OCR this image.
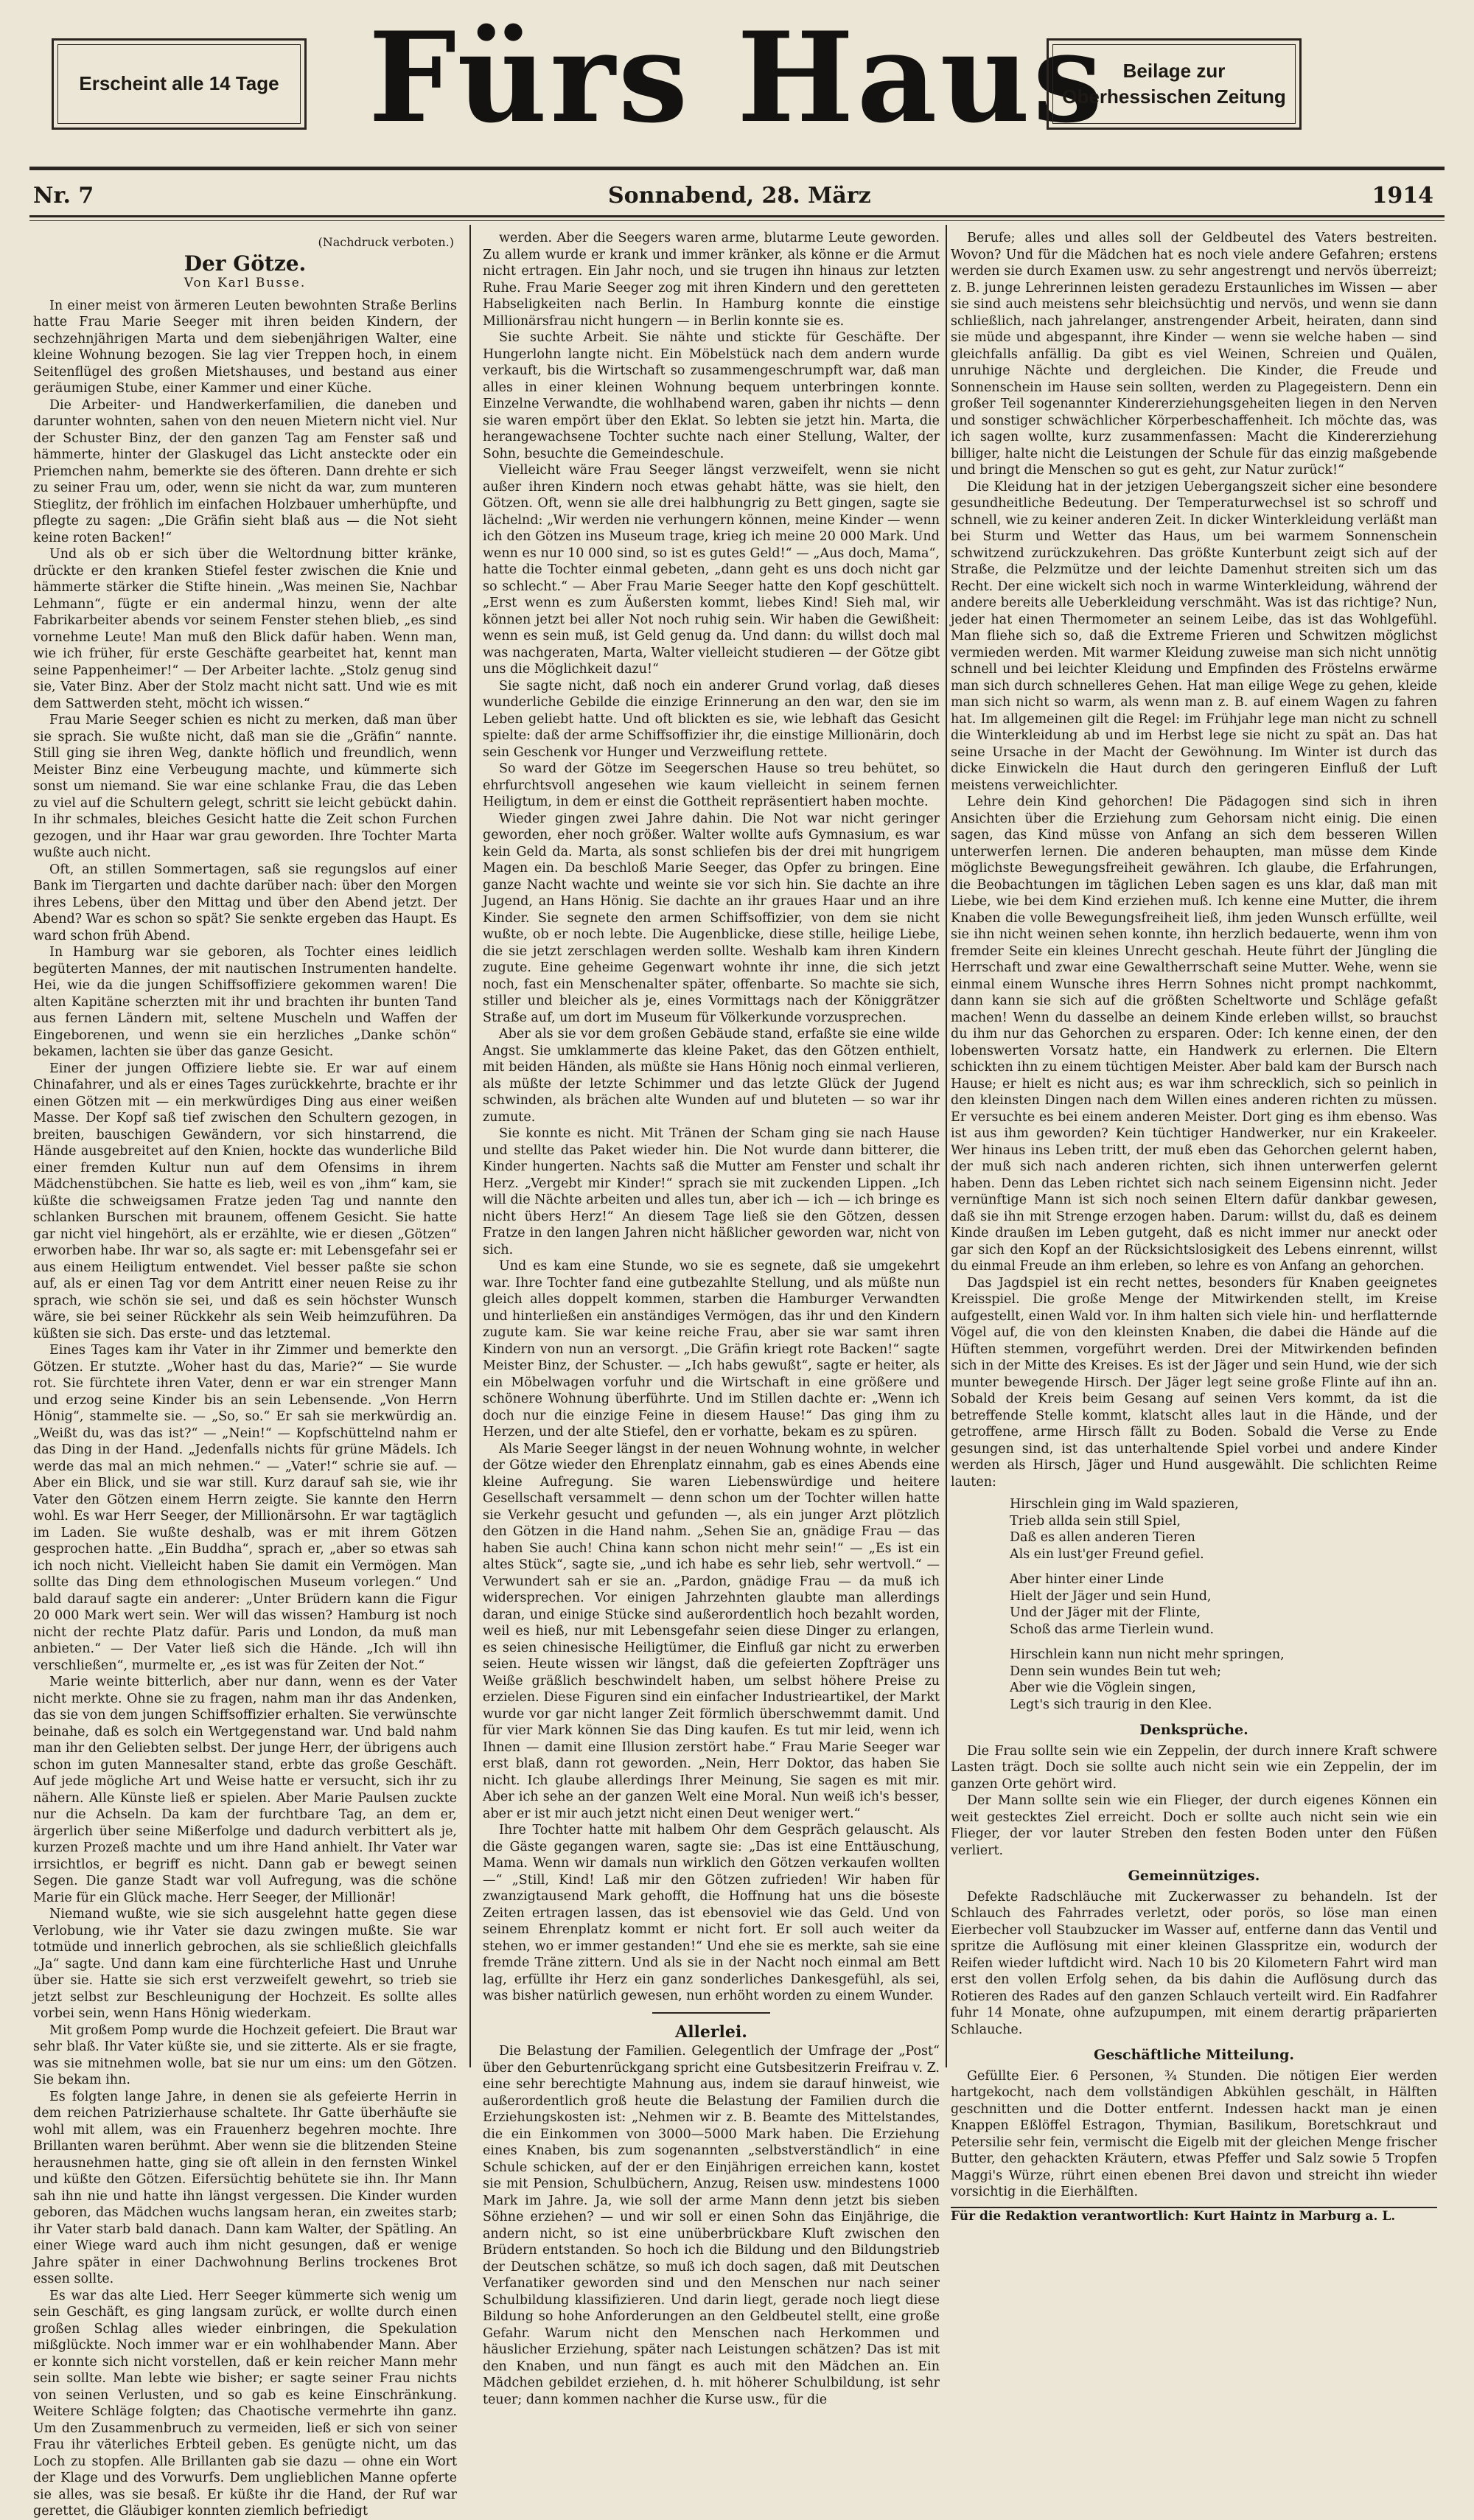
Erscheint alle 14 Tage Fürs Haus Beilage zur
Oberhessischen Zeitung
Nr. 7	Sonnabend, 28. März	1914
(Nachdruck verboten.)
Der Götze.
Von Karl Busse.

In einer meist von ärmeren Leuten bewohnten Straße Berlins hatte Frau Marie Seeger mit ihren beiden Kindern, der sechzehnjährigen Marta und dem siebenjährigen Walter, eine kleine Wohnung bezogen. Sie lag vier Treppen hoch, in einem Seitenflügel des großen Mietshauses, und bestand aus einer geräumigen Stube, einer Kammer und einer Küche.

Die Arbeiter- und Handwerkerfamilien, die daneben und darunter wohnten, sahen von den neuen Mietern nicht viel. Nur der Schuster Binz, der den ganzen Tag am Fenster saß und hämmerte, hinter der Glaskugel das Licht ansteckte oder ein Priemchen nahm, bemerkte sie des öfteren. Dann drehte er sich zu seiner Frau um, oder, wenn sie nicht da war, zum munteren Stieglitz, der fröhlich im einfachen Holzbauer umherhüpfte, und pflegte zu sagen: „Die Gräfin sieht blaß aus — die Not sieht keine roten Backen!“

Und als ob er sich über die Weltordnung bitter kränke, drückte er den kranken Stiefel fester zwischen die Knie und hämmerte stärker die Stifte hinein. „Was meinen Sie, Nachbar Lehmann“, fügte er ein andermal hinzu, wenn der alte Fabrikarbeiter abends vor seinem Fenster stehen blieb, „es sind vornehme Leute! Man muß den Blick dafür haben. Wenn man, wie ich früher, für erste Geschäfte gearbeitet hat, kennt man seine Pappenheimer!“ — Der Arbeiter lachte. „Stolz genug sind sie, Vater Binz. Aber der Stolz macht nicht satt. Und wie es mit dem Sattwerden steht, möcht ich wissen.“

Frau Marie Seeger schien es nicht zu merken, daß man über sie sprach. Sie wußte nicht, daß man sie die „Gräfin“ nannte. Still ging sie ihren Weg, dankte höflich und freundlich, wenn Meister Binz eine Verbeugung machte, und kümmerte sich sonst um niemand. Sie war eine schlanke Frau, die das Leben zu viel auf die Schultern gelegt, schritt sie leicht gebückt dahin. In ihr schmales, bleiches Gesicht hatte die Zeit schon Furchen gezogen, und ihr Haar war grau geworden. Ihre Tochter Marta wußte auch nicht.

Oft, an stillen Sommertagen, saß sie regungslos auf einer Bank im Tiergarten und dachte darüber nach: über den Morgen ihres Lebens, über den Mittag und über den Abend jetzt. Der Abend? War es schon so spät? Sie senkte ergeben das Haupt. Es ward schon früh Abend.

In Hamburg war sie geboren, als Tochter eines leidlich begüterten Mannes, der mit nautischen Instrumenten handelte. Hei, wie da die jungen Schiffsoffiziere gekommen waren! Die alten Kapitäne scherzten mit ihr und brachten ihr bunten Tand aus fernen Ländern mit, seltene Muscheln und Waffen der Eingeborenen, und wenn sie ein herzliches „Danke schön“ bekamen, lachten sie über das ganze Gesicht.

Einer der jungen Offiziere liebte sie. Er war auf einem Chinafahrer, und als er eines Tages zurückkehrte, brachte er ihr einen Götzen mit — ein merkwürdiges Ding aus einer weißen Masse. Der Kopf saß tief zwischen den Schultern gezogen, in breiten, bauschigen Gewändern, vor sich hinstarrend, die Hände ausgebreitet auf den Knien, hockte das wunderliche Bild einer fremden Kultur nun auf dem Ofensims in ihrem Mädchenstübchen. Sie hatte es lieb, weil es von „ihm“ kam, sie küßte die schweigsamen Fratze jeden Tag und nannte den schlanken Burschen mit braunem, offenem Gesicht. Sie hatte gar nicht viel hingehört, als er erzählte, wie er diesen „Götzen“ erworben habe. Ihr war so, als sagte er: mit Lebensgefahr sei er aus einem Heiligtum entwendet. Viel besser paßte sie schon auf, als er einen Tag vor dem Antritt einer neuen Reise zu ihr sprach, wie schön sie sei, und daß es sein höchster Wunsch wäre, sie bei seiner Rückkehr als sein Weib heimzuführen. Da küßten sie sich. Das erste- und das letztemal.

Eines Tages kam ihr Vater in ihr Zimmer und bemerkte den Götzen. Er stutzte. „Woher hast du das, Marie?“ — Sie wurde rot. Sie fürchtete ihren Vater, denn er war ein strenger Mann und erzog seine Kinder bis an sein Lebensende. „Von Herrn Hönig“, stammelte sie. — „So, so.“ Er sah sie merkwürdig an. „Weißt du, was das ist?“ — „Nein!“ — Kopfschüttelnd nahm er das Ding in der Hand. „Jedenfalls nichts für grüne Mädels. Ich werde das mal an mich nehmen.“ — „Vater!“ schrie sie auf. — Aber ein Blick, und sie war still. Kurz darauf sah sie, wie ihr Vater den Götzen einem Herrn zeigte. Sie kannte den Herrn wohl. Es war Herr Seeger, der Millionärsohn. Er war tagtäglich im Laden. Sie wußte deshalb, was er mit ihrem Götzen gesprochen hatte. „Ein Buddha“, sprach er, „aber so etwas sah ich noch nicht. Vielleicht haben Sie damit ein Vermögen. Man sollte das Ding dem ethnologischen Museum vorlegen.“ Und bald darauf sagte ein anderer: „Unter Brüdern kann die Figur 20 000 Mark wert sein. Wer will das wissen? Hamburg ist noch nicht der rechte Platz dafür. Paris und London, da muß man anbieten.“ — Der Vater ließ sich die Hände. „Ich will ihn verschließen“, murmelte er, „es ist was für Zeiten der Not.“

Marie weinte bitterlich, aber nur dann, wenn es der Vater nicht merkte. Ohne sie zu fragen, nahm man ihr das Andenken, das sie von dem jungen Schiffsoffizier erhalten. Sie verwünschte beinahe, daß es solch ein Wertgegenstand war. Und bald nahm man ihr den Geliebten selbst. Der junge Herr, der übrigens auch schon im guten Mannesalter stand, erbte das große Geschäft. Auf jede mögliche Art und Weise hatte er versucht, sich ihr zu nähern. Alle Künste ließ er spielen. Aber Marie Paulsen zuckte nur die Achseln. Da kam der furchtbare Tag, an dem er, ärgerlich über seine Mißerfolge und dadurch verbittert als je, kurzen Prozeß machte und um ihre Hand anhielt. Ihr Vater war irrsichtlos, er begriff es nicht. Dann gab er bewegt seinen Segen. Die ganze Stadt war voll Aufregung, was die schöne Marie für ein Glück mache. Herr Seeger, der Millionär!

Niemand wußte, wie sie sich ausgelehnt hatte gegen diese Verlobung, wie ihr Vater sie dazu zwingen mußte. Sie war totmüde und innerlich gebrochen, als sie schließlich gleichfalls „Ja“ sagte. Und dann kam eine fürchterliche Hast und Unruhe über sie. Hatte sie sich erst verzweifelt gewehrt, so trieb sie jetzt selbst zur Beschleunigung der Hochzeit. Es sollte alles vorbei sein, wenn Hans Hönig wiederkam.

Mit großem Pomp wurde die Hochzeit gefeiert. Die Braut war sehr blaß. Ihr Vater küßte sie, und sie zitterte. Als er sie fragte, was sie mitnehmen wolle, bat sie nur um eins: um den Götzen. Sie bekam ihn.

Es folgten lange Jahre, in denen sie als gefeierte Herrin in dem reichen Patrizierhause schaltete. Ihr Gatte überhäufte sie wohl mit allem, was ein Frauenherz begehren mochte. Ihre Brillanten waren berühmt. Aber wenn sie die blitzenden Steine herausnehmen hatte, ging sie oft allein in den fernsten Winkel und küßte den Götzen. Eifersüchtig behütete sie ihn. Ihr Mann sah ihn nie und hatte ihn längst vergessen. Die Kinder wurden geboren, das Mädchen wuchs langsam heran, ein zweites starb; ihr Vater starb bald danach. Dann kam Walter, der Spätling. An einer Wiege ward auch ihm nicht gesungen, daß er wenige Jahre später in einer Dachwohnung Berlins trockenes Brot essen sollte.

Es war das alte Lied. Herr Seeger kümmerte sich wenig um sein Geschäft, es ging langsam zurück, er wollte durch einen großen Schlag alles wieder einbringen, die Spekulation mißglückte. Noch immer war er ein wohlhabender Mann. Aber er konnte sich nicht vorstellen, daß er kein reicher Mann mehr sein sollte. Man lebte wie bisher; er sagte seiner Frau nichts von seinen Verlusten, und so gab es keine Einschränkung. Weitere Schläge folgten; das Chaotische vermehrte ihn ganz. Um den Zusammenbruch zu vermeiden, ließ er sich von seiner Frau ihr väterliches Erbteil geben. Es genügte nicht, um das Loch zu stopfen. Alle Brillanten gab sie dazu — ohne ein Wort der Klage und des Vorwurfs. Dem unglieblichen Manne opferte sie alles, was sie besaß. Er küßte ihr die Hand, der Ruf war gerettet, die Gläubiger konnten ziemlich befriedigt

werden. Aber die Seegers waren arme, blutarme Leute geworden. Zu allem wurde er krank und immer kränker, als könne er die Armut nicht ertragen. Ein Jahr noch, und sie trugen ihn hinaus zur letzten Ruhe. Frau Marie Seeger zog mit ihren Kindern und den geretteten Habseligkeiten nach Berlin. In Hamburg konnte die einstige Millionärsfrau nicht hungern — in Berlin konnte sie es.

Sie suchte Arbeit. Sie nähte und stickte für Geschäfte. Der Hungerlohn langte nicht. Ein Möbelstück nach dem andern wurde verkauft, bis die Wirtschaft so zusammengeschrumpft war, daß man alles in einer kleinen Wohnung bequem unterbringen konnte. Einzelne Verwandte, die wohlhabend waren, gaben ihr nichts — denn sie waren empört über den Eklat. So lebten sie jetzt hin. Marta, die herangewachsene Tochter suchte nach einer Stellung, Walter, der Sohn, besuchte die Gemeindeschule.

Vielleicht wäre Frau Seeger längst verzweifelt, wenn sie nicht außer ihren Kindern noch etwas gehabt hätte, was sie hielt, den Götzen. Oft, wenn sie alle drei halbhungrig zu Bett gingen, sagte sie lächelnd: „Wir werden nie verhungern können, meine Kinder — wenn ich den Götzen ins Museum trage, krieg ich meine 20 000 Mark. Und wenn es nur 10 000 sind, so ist es gutes Geld!“ — „Aus doch, Mama“, hatte die Tochter einmal gebeten, „dann geht es uns doch nicht gar so schlecht.“ — Aber Frau Marie Seeger hatte den Kopf geschüttelt. „Erst wenn es zum Äußersten kommt, liebes Kind! Sieh mal, wir können jetzt bei aller Not noch ruhig sein. Wir haben die Gewißheit: wenn es sein muß, ist Geld genug da. Und dann: du willst doch mal was nachgeraten, Marta, Walter vielleicht studieren — der Götze gibt uns die Möglichkeit dazu!“

Sie sagte nicht, daß noch ein anderer Grund vorlag, daß dieses wunderliche Gebilde die einzige Erinnerung an den war, den sie im Leben geliebt hatte. Und oft blickten es sie, wie lebhaft das Gesicht spielte: daß der arme Schiffsoffizier ihr, die einstige Millionärin, doch sein Geschenk vor Hunger und Verzweiflung rettete.

So ward der Götze im Seegerschen Hause so treu behütet, so ehrfurchtsvoll angesehen wie kaum vielleicht in seinem fernen Heiligtum, in dem er einst die Gottheit repräsentiert haben mochte.

Wieder gingen zwei Jahre dahin. Die Not war nicht geringer geworden, eher noch größer. Walter wollte aufs Gymnasium, es war kein Geld da. Marta, als sonst schliefen bis der drei mit hungrigem Magen ein. Da beschloß Marie Seeger, das Opfer zu bringen. Eine ganze Nacht wachte und weinte sie vor sich hin. Sie dachte an ihre Jugend, an Hans Hönig. Sie dachte an ihr graues Haar und an ihre Kinder. Sie segnete den armen Schiffsoffizier, von dem sie nicht wußte, ob er noch lebte. Die Augenblicke, diese stille, heilige Liebe, die sie jetzt zerschlagen werden sollte. Weshalb kam ihren Kindern zugute. Eine geheime Gegenwart wohnte ihr inne, die sich jetzt noch, fast ein Menschenalter später, offenbarte. So machte sie sich, stiller und bleicher als je, eines Vormittags nach der Königgrätzer Straße auf, um dort im Museum für Völkerkunde vorzusprechen.

Aber als sie vor dem großen Gebäude stand, erfaßte sie eine wilde Angst. Sie umklammerte das kleine Paket, das den Götzen enthielt, mit beiden Händen, als müßte sie Hans Hönig noch einmal verlieren, als müßte der letzte Schimmer und das letzte Glück der Jugend schwinden, als brächen alte Wunden auf und bluteten — so war ihr zumute.

Sie konnte es nicht. Mit Tränen der Scham ging sie nach Hause und stellte das Paket wieder hin. Die Not wurde dann bitterer, die Kinder hungerten. Nachts saß die Mutter am Fenster und schalt ihr Herz. „Vergebt mir Kinder!“ sprach sie mit zuckenden Lippen. „Ich will die Nächte arbeiten und alles tun, aber ich — ich — ich bringe es nicht übers Herz!“ An diesem Tage ließ sie den Götzen, dessen Fratze in den langen Jahren nicht häßlicher geworden war, nicht von sich.

Und es kam eine Stunde, wo sie es segnete, daß sie umgekehrt war. Ihre Tochter fand eine gutbezahlte Stellung, und als müßte nun gleich alles doppelt kommen, starben die Hamburger Verwandten und hinterließen ein anständiges Vermögen, das ihr und den Kindern zugute kam. Sie war keine reiche Frau, aber sie war samt ihren Kindern von nun an versorgt. „Die Gräfin kriegt rote Backen!“ sagte Meister Binz, der Schuster. — „Ich habs gewußt“, sagte er heiter, als ein Möbelwagen vorfuhr und die Wirtschaft in eine größere und schönere Wohnung überführte. Und im Stillen dachte er: „Wenn ich doch nur die einzige Feine in diesem Hause!“ Das ging ihm zu Herzen, und der alte Stiefel, den er vorhatte, bekam es zu spüren.

Als Marie Seeger längst in der neuen Wohnung wohnte, in welcher der Götze wieder den Ehrenplatz einnahm, gab es eines Abends eine kleine Aufregung. Sie waren Liebenswürdige und heitere Gesellschaft versammelt — denn schon um der Tochter willen hatte sie Verkehr gesucht und gefunden —, als ein junger Arzt plötzlich den Götzen in die Hand nahm. „Sehen Sie an, gnädige Frau — das haben Sie auch! China kann schon nicht mehr sein!“ — „Es ist ein altes Stück“, sagte sie, „und ich habe es sehr lieb, sehr wertvoll.“ — Verwundert sah er sie an. „Pardon, gnädige Frau — da muß ich widersprechen. Vor einigen Jahrzehnten glaubte man allerdings daran, und einige Stücke sind außerordentlich hoch bezahlt worden, weil es hieß, nur mit Lebensgefahr seien diese Dinger zu erlangen, es seien chinesische Heiligtümer, die Einfluß gar nicht zu erwerben seien. Heute wissen wir längst, daß die gefeierten Zopfträger uns Weiße gräßlich beschwindelt haben, um selbst höhere Preise zu erzielen. Diese Figuren sind ein einfacher Industrieartikel, der Markt wurde vor gar nicht langer Zeit förmlich überschwemmt damit. Und für vier Mark können Sie das Ding kaufen. Es tut mir leid, wenn ich Ihnen — damit eine Illusion zerstört habe.“ Frau Marie Seeger war erst blaß, dann rot geworden. „Nein, Herr Doktor, das haben Sie nicht. Ich glaube allerdings Ihrer Meinung, Sie sagen es mit mir. Aber ich sehe an der ganzen Welt eine Moral. Nun weiß ich's besser, aber er ist mir auch jetzt nicht einen Deut weniger wert.“

Ihre Tochter hatte mit halbem Ohr dem Gespräch gelauscht. Als die Gäste gegangen waren, sagte sie: „Das ist eine Enttäuschung, Mama. Wenn wir damals nun wirklich den Götzen verkaufen wollten —“ „Still, Kind! Laß mir den Götzen zufrieden! Wir haben für zwanzigtausend Mark gehofft, die Hoffnung hat uns die böseste Zeiten ertragen lassen, das ist ebensoviel wie das Geld. Und von seinem Ehrenplatz kommt er nicht fort. Er soll auch weiter da stehen, wo er immer gestanden!“ Und ehe sie es merkte, sah sie eine fremde Träne zittern. Und als sie in der Nacht noch einmal am Bett lag, erfüllte ihr Herz ein ganz sonderliches Dankesgefühl, als sei, was bisher natürlich gewesen, nun erhöht worden zu einem Wunder.

Allerlei.

Die Belastung der Familien. Gelegentlich der Umfrage der „Post“ über den Geburtenrückgang spricht eine Gutsbesitzerin Freifrau v. Z. eine sehr berechtigte Mahnung aus, indem sie darauf hinweist, wie außerordentlich groß heute die Belastung der Familien durch die Erziehungskosten ist: „Nehmen wir z. B. Beamte des Mittelstandes, die ein Einkommen von 3000—5000 Mark haben. Die Erziehung eines Knaben, bis zum sogenannten „selbstverständlich“ in eine Schule schicken, auf der er den Einjährigen erreichen kann, kostet sie mit Pension, Schulbüchern, Anzug, Reisen usw. mindestens 1000 Mark im Jahre. Ja, wie soll der arme Mann denn jetzt bis sieben Söhne erziehen? — und wir soll er einen Sohn das Einjährige, die andern nicht, so ist eine unüberbrückbare Kluft zwischen den Brüdern entstanden. So hoch ich die Bildung und den Bildungstrieb der Deutschen schätze, so muß ich doch sagen, daß mit Deutschen Verfanatiker geworden sind und den Menschen nur nach seiner Schulbildung klassifizieren. Und darin liegt, gerade noch liegt diese Bildung so hohe Anforderungen an den Geldbeutel stellt, eine große Gefahr. Warum nicht den Menschen nach Herkommen und häuslicher Erziehung, später nach Leistungen schätzen? Das ist mit den Knaben, und nun fängt es auch mit den Mädchen an. Ein Mädchen gebildet erziehen, d. h. mit höherer Schulbildung, ist sehr teuer; dann kommen nachher die Kurse usw., für die

Berufe; alles und alles soll der Geldbeutel des Vaters bestreiten. Wovon? Und für die Mädchen hat es noch viele andere Gefahren; erstens werden sie durch Examen usw. zu sehr angestrengt und nervös überreizt; z. B. junge Lehrerinnen leisten geradezu Erstaunliches im Wissen — aber sie sind auch meistens sehr bleichsüchtig und nervös, und wenn sie dann schließlich, nach jahrelanger, anstrengender Arbeit, heiraten, dann sind sie müde und abgespannt, ihre Kinder — wenn sie welche haben — sind gleichfalls anfällig. Da gibt es viel Weinen, Schreien und Quälen, unruhige Nächte und dergleichen. Die Kinder, die Freude und Sonnenschein im Hause sein sollten, werden zu Plagegeistern. Denn ein großer Teil sogenannter Kindererziehungsgeheiten liegen in den Nerven und sonstiger schwächlicher Körperbeschaffenheit. Ich möchte das, was ich sagen wollte, kurz zusammenfassen: Macht die Kindererziehung billiger, halte nicht die Leistungen der Schule für das einzig maßgebende und bringt die Menschen so gut es geht, zur Natur zurück!“

Die Kleidung hat in der jetzigen Uebergangszeit sicher eine besondere gesundheitliche Bedeutung. Der Temperaturwechsel ist so schroff und schnell, wie zu keiner anderen Zeit. In dicker Winterkleidung verläßt man bei Sturm und Wetter das Haus, um bei warmem Sonnenschein schwitzend zurückzukehren. Das größte Kunterbunt zeigt sich auf der Straße, die Pelzmütze und der leichte Damenhut streiten sich um das Recht. Der eine wickelt sich noch in warme Winterkleidung, während der andere bereits alle Ueberkleidung verschmäht. Was ist das richtige? Nun, jeder hat einen Thermometer an seinem Leibe, das ist das Wohlgefühl. Man fliehe sich so, daß die Extreme Frieren und Schwitzen möglichst vermieden werden. Mit warmer Kleidung zuweise man sich nicht unnötig schnell und bei leichter Kleidung und Empfinden des Fröstelns erwärme man sich durch schnelleres Gehen. Hat man eilige Wege zu gehen, kleide man sich nicht so warm, als wenn man z. B. auf einem Wagen zu fahren hat. Im allgemeinen gilt die Regel: im Frühjahr lege man nicht zu schnell die Winterkleidung ab und im Herbst lege sie nicht zu spät an. Das hat seine Ursache in der Macht der Gewöhnung. Im Winter ist durch das dicke Einwickeln die Haut durch den geringeren Einfluß der Luft meistens verweichlichter.

Lehre dein Kind gehorchen! Die Pädagogen sind sich in ihren Ansichten über die Erziehung zum Gehorsam nicht einig. Die einen sagen, das Kind müsse von Anfang an sich dem besseren Willen unterwerfen lernen. Die anderen behaupten, man müsse dem Kinde möglichste Bewegungsfreiheit gewähren. Ich glaube, die Erfahrungen, die Beobachtungen im täglichen Leben sagen es uns klar, daß man mit Liebe, wie bei dem Kind erziehen muß. Ich kenne eine Mutter, die ihrem Knaben die volle Bewegungsfreiheit ließ, ihm jeden Wunsch erfüllte, weil sie ihn nicht weinen sehen konnte, ihn herzlich bedauerte, wenn ihm von fremder Seite ein kleines Unrecht geschah. Heute führt der Jüngling die Herrschaft und zwar eine Gewaltherrschaft seine Mutter. Wehe, wenn sie einmal einem Wunsche ihres Herrn Sohnes nicht prompt nachkommt, dann kann sie sich auf die größten Scheltworte und Schläge gefaßt machen! Wenn du dasselbe an deinem Kinde erleben willst, so brauchst du ihm nur das Gehorchen zu ersparen. Oder: Ich kenne einen, der den lobenswerten Vorsatz hatte, ein Handwerk zu erlernen. Die Eltern schickten ihn zu einem tüchtigen Meister. Aber bald kam der Bursch nach Hause; er hielt es nicht aus; es war ihm schrecklich, sich so peinlich in den kleinsten Dingen nach dem Willen eines anderen richten zu müssen. Er versuchte es bei einem anderen Meister. Dort ging es ihm ebenso. Was ist aus ihm geworden? Kein tüchtiger Handwerker, nur ein Krakeeler. Wer hinaus ins Leben tritt, der muß eben das Gehorchen gelernt haben, der muß sich nach anderen richten, sich ihnen unterwerfen gelernt haben. Denn das Leben richtet sich nach seinem Eigensinn nicht. Jeder vernünftige Mann ist sich noch seinen Eltern dafür dankbar gewesen, daß sie ihn mit Strenge erzogen haben. Darum: willst du, daß es deinem Kinde draußen im Leben gutgeht, daß es nicht immer nur aneckt oder gar sich den Kopf an der Rücksichtslosigkeit des Lebens einrennt, willst du einmal Freude an ihm erleben, so lehre es von Anfang an gehorchen.

Das Jagdspiel ist ein recht nettes, besonders für Knaben geeignetes Kreisspiel. Die große Menge der Mitwirkenden stellt, im Kreise aufgestellt, einen Wald vor. In ihm halten sich viele hin- und herflatternde Vögel auf, die von den kleinsten Knaben, die dabei die Hände auf die Hüften stemmen, vorgeführt werden. Drei der Mitwirkenden befinden sich in der Mitte des Kreises. Es ist der Jäger und sein Hund, wie der sich munter bewegende Hirsch. Der Jäger legt seine große Flinte auf ihn an. Sobald der Kreis beim Gesang auf seinen Vers kommt, da ist die betreffende Stelle kommt, klatscht alles laut in die Hände, und der getroffene, arme Hirsch fällt zu Boden. Sobald die Verse zu Ende gesungen sind, ist das unterhaltende Spiel vorbei und andere Kinder werden als Hirsch, Jäger und Hund ausgewählt. Die schlichten Reime lauten:

Hirschlein ging im Wald spazieren,
Trieb allda sein still Spiel,
Daß es allen anderen Tieren
Als ein lust'ger Freund gefiel.
Aber hinter einer Linde
Hielt der Jäger und sein Hund,
Und der Jäger mit der Flinte,
Schoß das arme Tierlein wund.
Hirschlein kann nun nicht mehr springen,
Denn sein wundes Bein tut weh;
Aber wie die Vöglein singen,
Legt's sich traurig in den Klee.
Denksprüche.

Die Frau sollte sein wie ein Zeppelin, der durch innere Kraft schwere Lasten trägt. Doch sie sollte auch nicht sein wie ein Zeppelin, der im ganzen Orte gehört wird.

Der Mann sollte sein wie ein Flieger, der durch eigenes Können ein weit gestecktes Ziel erreicht. Doch er sollte auch nicht sein wie ein Flieger, der vor lauter Streben den festen Boden unter den Füßen verliert.

Gemeinnütziges.

Defekte Radschläuche mit Zuckerwasser zu behandeln. Ist der Schlauch des Fahrrades verletzt, oder porös, so löse man einen Eierbecher voll Staubzucker im Wasser auf, entferne dann das Ventil und spritze die Auflösung mit einer kleinen Glasspritze ein, wodurch der Reifen wieder luftdicht wird. Nach 10 bis 20 Kilometern Fahrt wird man erst den vollen Erfolg sehen, da bis dahin die Auflösung durch das Rotieren des Rades auf den ganzen Schlauch verteilt wird. Ein Radfahrer fuhr 14 Monate, ohne aufzupumpen, mit einem derartig präparierten Schlauche.

Geschäftliche Mitteilung.

Gefüllte Eier. 6 Personen, ¾ Stunden. Die nötigen Eier werden hartgekocht, nach dem vollständigen Abkühlen geschält, in Hälften geschnitten und die Dotter entfernt. Indessen hackt man je einen Knappen Eßlöffel Estragon, Thymian, Basilikum, Boretschkraut und Petersilie sehr fein, vermischt die Eigelb mit der gleichen Menge frischer Butter, den gehackten Kräutern, etwas Pfeffer und Salz sowie 5 Tropfen Maggi's Würze, rührt einen ebenen Brei davon und streicht ihn wieder vorsichtig in die Eierhälften.

Für die Redaktion verantwortlich: Kurt Haintz in Marburg a. L.
